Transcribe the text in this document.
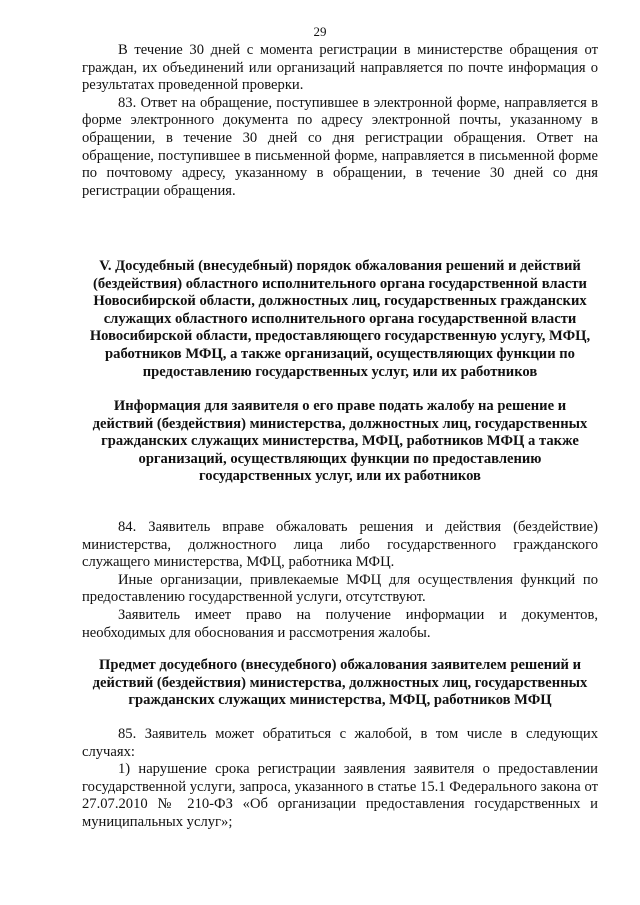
29

В течение 30 дней с момента регистрации в министерстве обращения от граждан, их объединений или организаций направляется по почте информация о результатах проведенной проверки.

83. Ответ на обращение, поступившее в электронной форме, направляется в форме электронного документа по адресу электронной почты, указанному в обращении, в течение 30 дней со дня регистрации обращения. Ответ на обращение, поступившее в письменной форме, направляется в письменной форме по почтовому адресу, указанному в обращении, в течение 30 дней со дня регистрации обращения.

V. Досудебный (внесудебный) порядок обжалования решений и действий (бездействия) областного исполнительного органа государственной власти Новосибирской области, должностных лиц, государственных гражданских служащих областного исполнительного органа государственной власти Новосибирской области, предоставляющего государственную услугу, МФЦ, работников МФЦ, а также организаций, осуществляющих функции по предоставлению государственных услуг, или их работников

Информация для заявителя о его праве подать жалобу на решение и действий (бездействия) министерства, должностных лиц, государственных гражданских служащих министерства, МФЦ, работников МФЦ а также организаций, осуществляющих функции по предоставлению государственных услуг, или их работников

84. Заявитель вправе обжаловать решения и действия (бездействие) министерства, должностного лица либо государственного гражданского служащего министерства, МФЦ, работника МФЦ.

Иные организации, привлекаемые МФЦ для осуществления функций по предоставлению государственной услуги, отсутствуют.

Заявитель имеет право на получение информации и документов, необходимых для обоснования и рассмотрения жалобы.

Предмет досудебного (внесудебного) обжалования заявителем решений и действий (бездействия) министерства, должностных лиц, государственных гражданских служащих министерства, МФЦ, работников МФЦ

85. Заявитель может обратиться с жалобой, в том числе в следующих случаях:

1) нарушение срока регистрации заявления заявителя о предоставлении государственной услуги, запроса, указанного в статье 15.1 Федерального закона от 27.07.2010 № 210-ФЗ «Об организации предоставления государственных и муниципальных услуг»;
